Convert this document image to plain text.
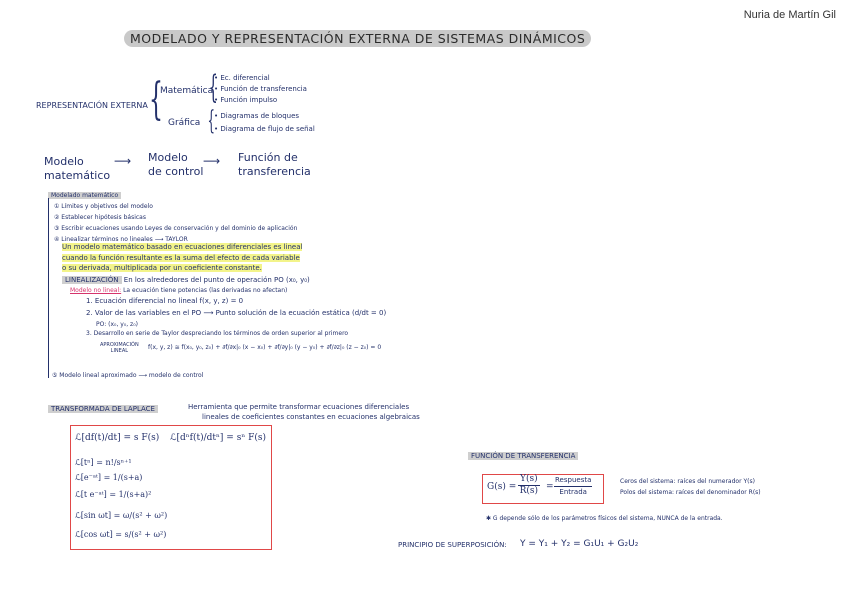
Nuria de Martín Gil
MODELADO Y REPRESENTACIÓN EXTERNA DE SISTEMAS DINÁMICOS
REPRESENTACIÓN EXTERNA {
Matemática
{
• Ec. diferencial
• Función de transferencia
• Función impulso
Gráfica { • Diagramas de bloques
• Diagrama de flujo de señal
Modelo
matemático
⟶ Modelo
de control
⟶ Función de
transferencia
Modelado matemático
① Límites y objetivos del modelo
② Establecer hipótesis básicas
③ Escribir ecuaciones usando Leyes de conservación y del dominio de aplicación
④ Linealizar términos no lineales ⟶ TAYLOR
Un modelo matemático basado en ecuaciones diferenciales es lineal
cuando la función resultante es la suma del efecto de cada variable
o su derivada, multiplicada por un coeficiente constante.
LINEALIZACIÓN En los alrededores del punto de operación PO (x₀, y₀)
Modelo no lineal: La ecuación tiene potencias (las derivadas no afectan)
1. Ecuación diferencial no lineal f(x, y, z) = 0
2. Valor de las variables en el PO ⟶ Punto solución de la ecuación estática (d/dt = 0)
PO: (x₀, y₀, z₀)
3. Desarrollo en serie de Taylor despreciando los términos de orden superior al primero
APROXIMACIÓN
LINEAL	f(x, y, z) ≅ f(x₀, y₀, z₀) + ∂f/∂x|₀ (x − x₀) + ∂f/∂y|₀ (y − y₀) + ∂f/∂z|₀ (z − z₀) = 0
⑤ Modelo lineal aproximado ⟶ modelo de control
TRANSFORMADA DE LAPLACE	Herramienta que permite transformar ecuaciones diferenciales
lineales de coeficientes constantes en ecuaciones algebraicas
ℒ[df(t)/dt] = s F(s) ℒ[dⁿf(t)/dtⁿ] = sⁿ F(s)
ℒ[tⁿ] = n!/sⁿ⁺¹
ℒ[e⁻ᵃᵗ] = 1/(s+a)
ℒ[t e⁻ᵃᵗ] = 1/(s+a)²
ℒ[sin ωt] = ω/(s² + ω²)
ℒ[cos ωt] = s/(s² + ω²)
FUNCIÓN DE TRANSFERENCIA
$G(s) = \frac{Y(s)}{R(s)}$ =
Respuesta
Entrada
Ceros del sistema: raíces del numerador Y(s)
Polos del sistema: raíces del denominador R(s)
✱ G depende sólo de los parámetros físicos del sistema, NUNCA de la entrada.
PRINCIPIO DE SUPERPOSICIÓN: Y = Y₁ + Y₂ = G₁U₁ + G₂U₂
